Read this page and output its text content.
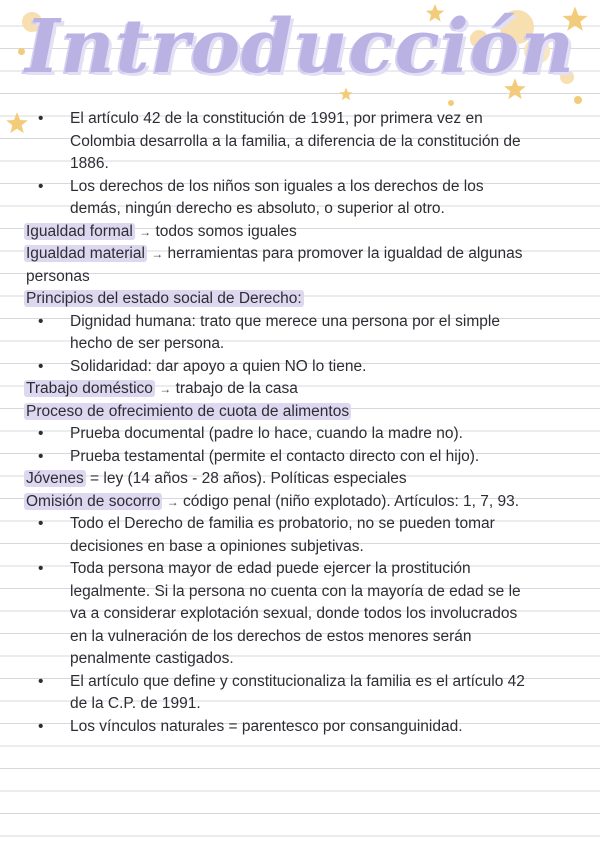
Introducción
• El artículo 42 de la constitución de 1991, por primera vez en
Colombia desarrolla a la familia, a diferencia de la constitución de
1886.
• Los derechos de los niños son iguales a los derechos de los
demás, ningún derecho es absoluto, o superior al otro.
Igualdad formal → todos somos iguales
Igualdad material → herramientas para promover la igualdad de algunas
personas
Principios del estado social de Derecho:
• Dignidad humana: trato que merece una persona por el simple
hecho de ser persona.
• Solidaridad: dar apoyo a quien NO lo tiene.
Trabajo doméstico → trabajo de la casa
Proceso de ofrecimiento de cuota de alimentos
• Prueba documental (padre lo hace, cuando la madre no).
• Prueba testamental (permite el contacto directo con el hijo).
Jóvenes = ley (14 años - 28 años). Políticas especiales
Omisión de socorro → código penal (niño explotado). Artículos: 1, 7, 93.
• Todo el Derecho de familia es probatorio, no se pueden tomar
decisiones en base a opiniones subjetivas.
• Toda persona mayor de edad puede ejercer la prostitución
legalmente. Si la persona no cuenta con la mayoría de edad se le
va a considerar explotación sexual, donde todos los involucrados
en la vulneración de los derechos de estos menores serán
penalmente castigados.
• El artículo que define y constitucionaliza la familia es el artículo 42
de la C.P. de 1991.
• Los vínculos naturales = parentesco por consanguinidad.
